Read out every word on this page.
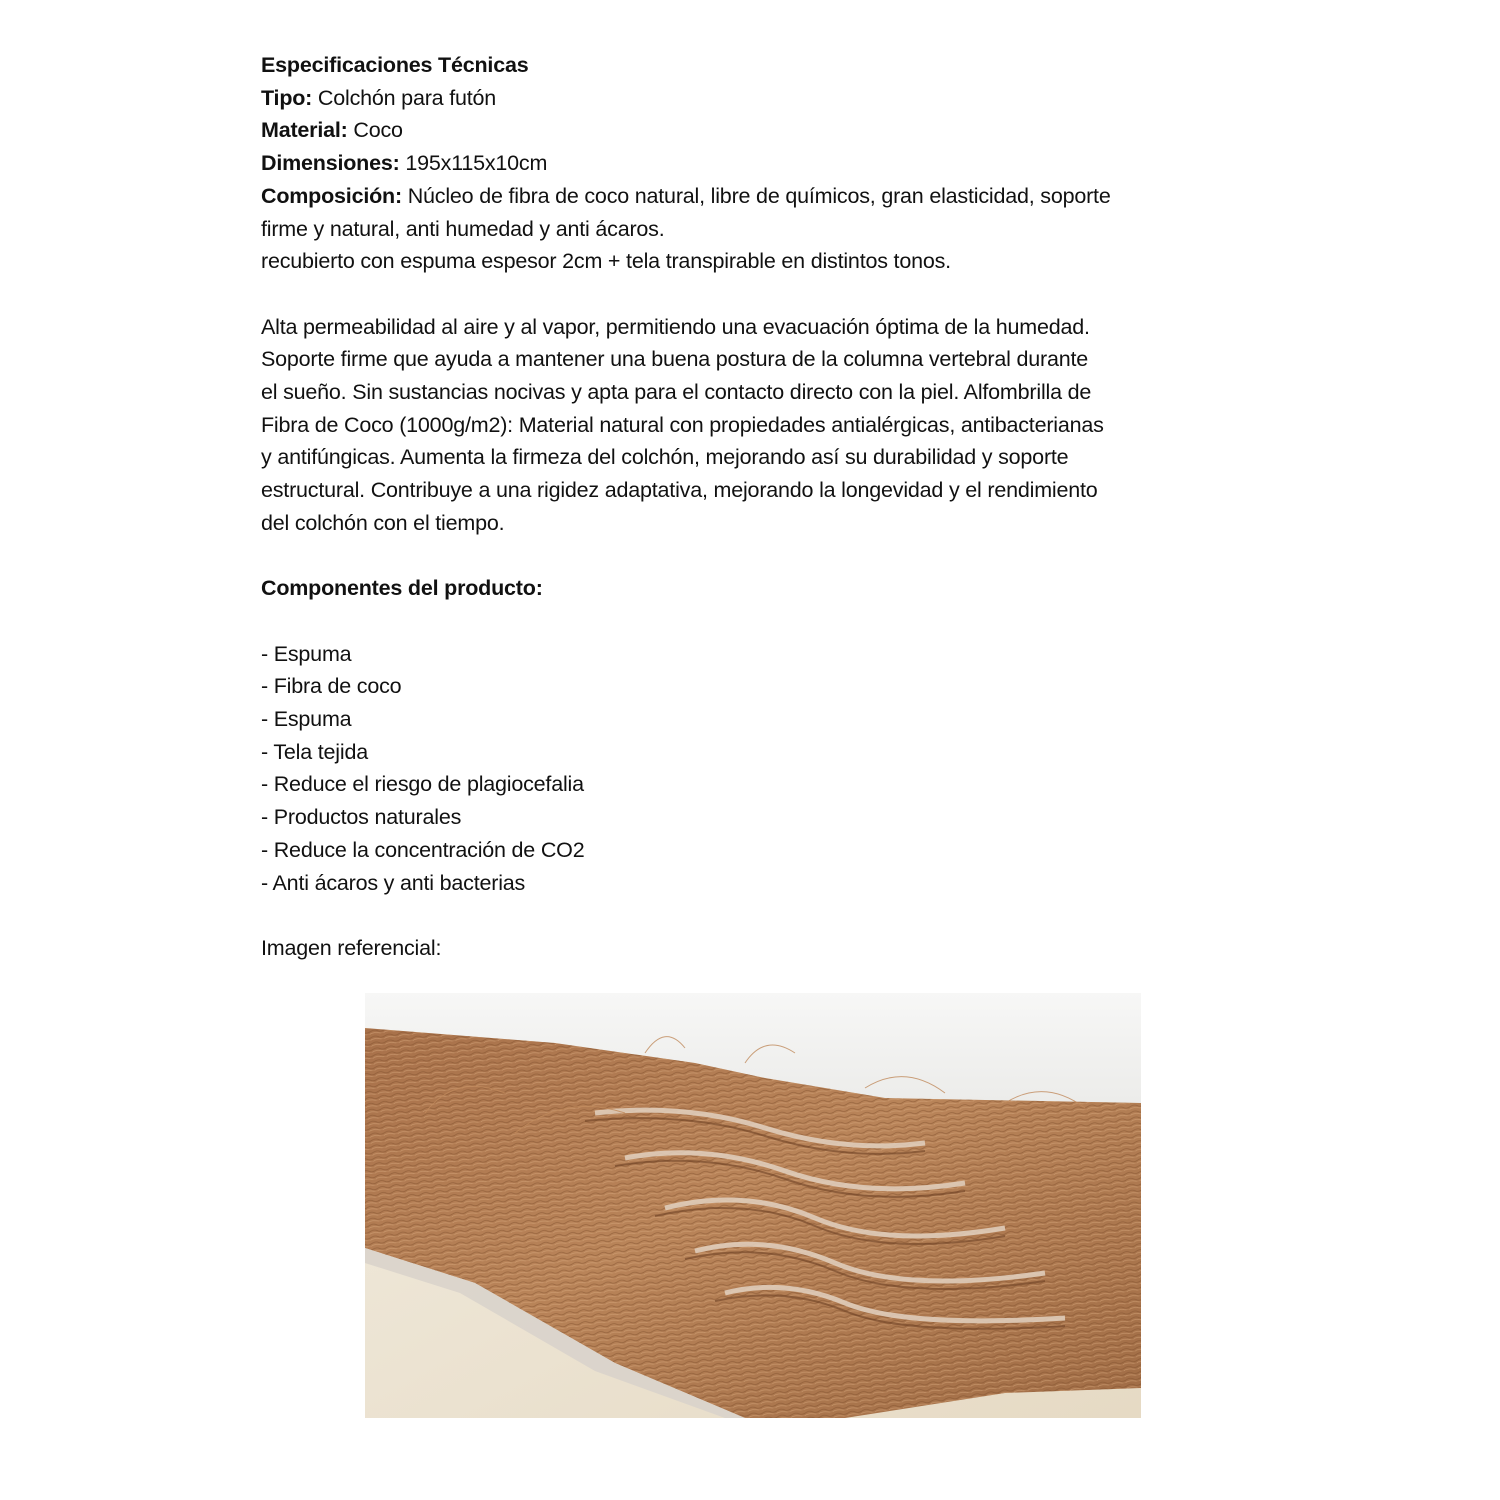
Especificaciones Técnicas
Tipo: Colchón para futón
Material: Coco
Dimensiones: 195x115x10cm
Composición: Núcleo de fibra de coco natural, libre de químicos, gran elasticidad, soporte
firme y natural, anti humedad y anti ácaros.
recubierto con espuma espesor 2cm + tela transpirable en distintos tonos.
Alta permeabilidad al aire y al vapor, permitiendo una evacuación óptima de la humedad.
Soporte firme que ayuda a mantener una buena postura de la columna vertebral durante
el sueño. Sin sustancias nocivas y apta para el contacto directo con la piel. Alfombrilla de
Fibra de Coco (1000g/m2): Material natural con propiedades antialérgicas, antibacterianas
y antifúngicas. Aumenta la firmeza del colchón, mejorando así su durabilidad y soporte
estructural. Contribuye a una rigidez adaptativa, mejorando la longevidad y el rendimiento
del colchón con el tiempo.
Componentes del producto:
- Espuma
- Fibra de coco
- Espuma
- Tela tejida
- Reduce el riesgo de plagiocefalia
- Productos naturales
- Reduce la concentración de CO2
- Anti ácaros y anti bacterias
Imagen referencial:
